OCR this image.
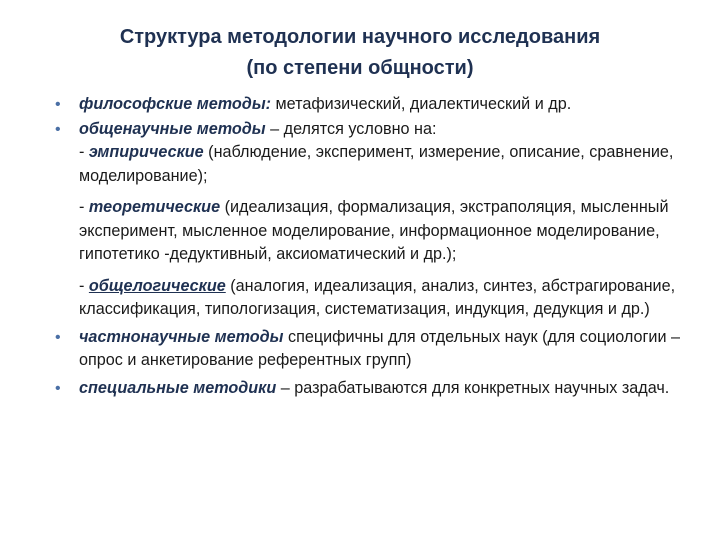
Структура методологии научного исследования
(по степени общности)
• философские методы: метафизический, диалектический и др.
• общенаучные методы – делятся условно на:
- эмпирические (наблюдение, эксперимент, измерение, описание, сравнение, моделирование);
- теоретические (идеализация, формализация, экстраполяция, мысленный эксперимент, мысленное моделирование, информационное моделирование, гипотетико -дедуктивный, аксиоматический и др.);
- общелогические (аналогия, идеализация, анализ, синтез, абстрагирование, классификация, типологизация, систематизация, индукция, дедукция и др.)
• частнонаучные методы специфичны для отдельных наук (для социологии – опрос и анкетирование референтных групп)
• специальные методики – разрабатываются для конкретных научных задач.
